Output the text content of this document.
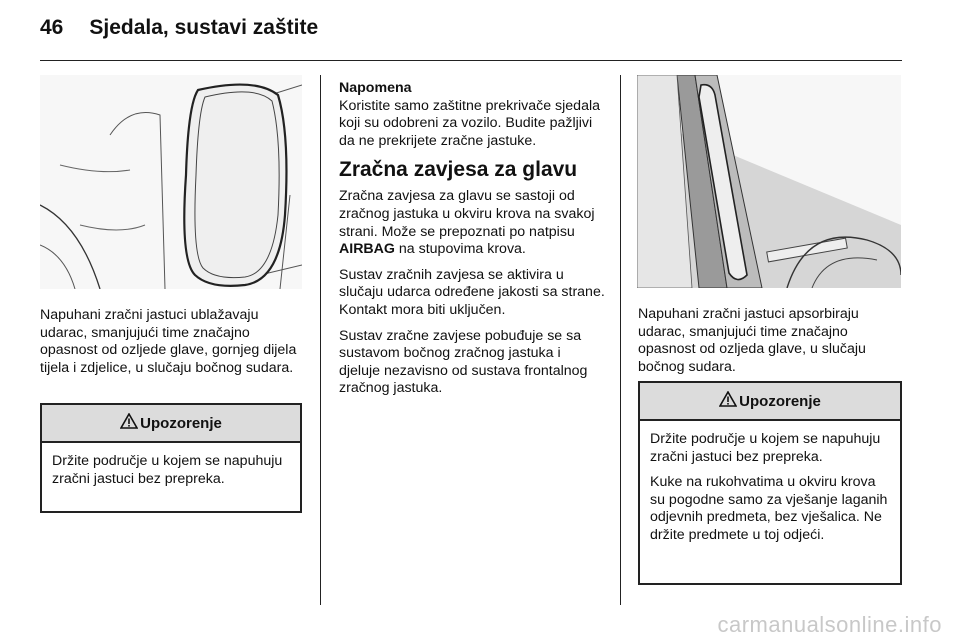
46 Sjedala, sustavi zaštite
Napuhani zračni jastuci ublažavaju udarac, smanjujući time značajno opasnost od ozljede glave, gornjeg dijela tijela i zdjelice, u slučaju bočnog sudara.
Upozorenje

Držite područje u kojem se napuhuju zračni jastuci bez prepreka.

Napomena

Koristite samo zaštitne prekrivače sjedala koji su odobreni za vozilo. Budite pažljivi da ne prekrijete zračne jastuke.

Zračna zavjesa za glavu

Zračna zavjesa za glavu se sastoji od zračnog jastuka u okviru krova na svakoj strani. Može se prepoznati po natpisu AIRBAG na stupovima krova.

Sustav zračnih zavjesa se aktivira u slučaju udarca određene jakosti sa strane. Kontakt mora biti uključen.

Sustav zračne zavjese pobuđuje se sa sustavom bočnog zračnog jastuka i djeluje nezavisno od sustava frontalnog zračnog jastuka.

Napuhani zračni jastuci apsorbiraju udarac, smanjujući time značajno opasnost od ozljeda glave, u slučaju bočnog sudara.
Upozorenje

Držite područje u kojem se napuhuju zračni jastuci bez prepreka.

Kuke na rukohvatima u okviru krova su pogodne samo za vješanje laganih odjevnih predmeta, bez vješalica. Ne držite predmete u toj odjeći.

carmanualsonline.info
